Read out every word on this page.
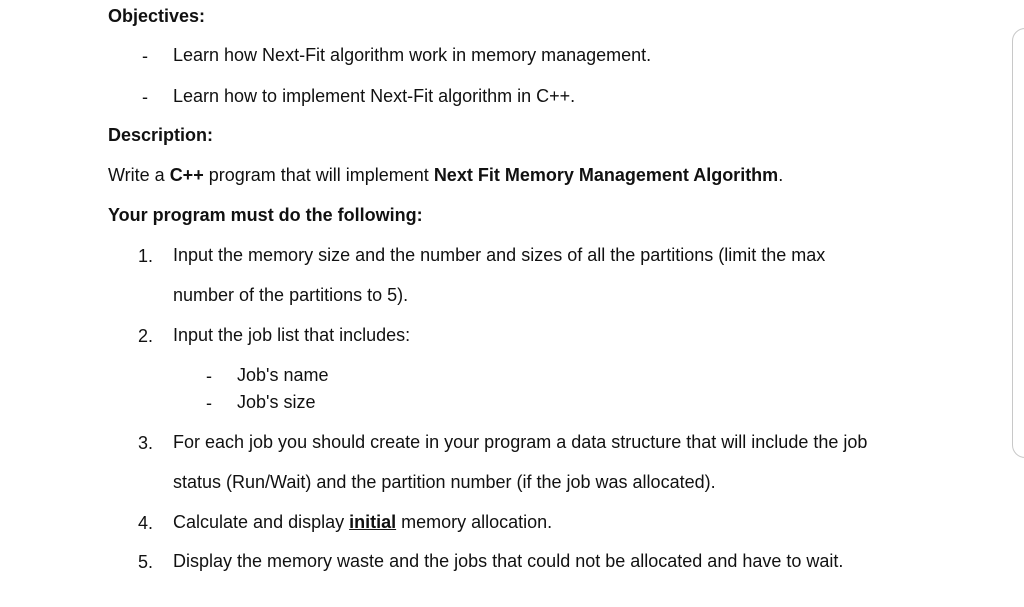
Objectives:
- Learn how Next-Fit algorithm work in memory management.
- Learn how to implement Next-Fit algorithm in C++.
Description:
Write a C++ program that will implement Next Fit Memory Management Algorithm.
Your program must do the following:
1. Input the memory size and the number and sizes of all the partitions (limit the max
number of the partitions to 5).
2. Input the job list that includes:
- Job's name
- Job's size
3. For each job you should create in your program a data structure that will include the job
status (Run/Wait) and the partition number (if the job was allocated).
4. Calculate and display initial memory allocation.
5. Display the memory waste and the jobs that could not be allocated and have to wait.
